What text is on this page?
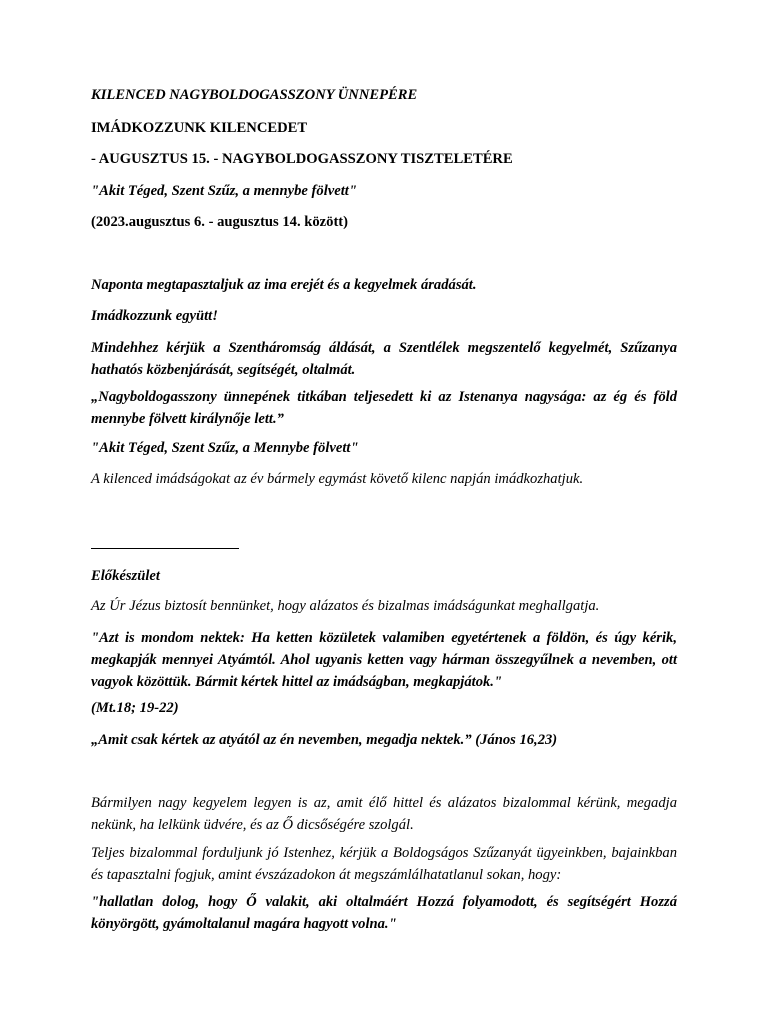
KILENCED NAGYBOLDOGASSZONY ÜNNEPÉRE

IMÁDKOZZUNK KILENCEDET

- AUGUSZTUS 15. - NAGYBOLDOGASSZONY TISZTELETÉRE

"Akit Téged, Szent Szűz, a mennybe fölvett"

(2023.augusztus 6. - augusztus 14. között)

Naponta megtapasztaljuk az ima erejét és a kegyelmek áradását.

Imádkozzunk együtt!

Mindehhez kérjük a Szentháromság áldását, a Szentlélek megszentelő kegyelmét, Szűzanya hathatós közbenjárását, segítségét, oltalmát.

„Nagyboldogasszony ünnepének titkában teljesedett ki az Istenanya nagysága: az ég és föld mennybe fölvett királynője lett.”

"Akit Téged, Szent Szűz, a Mennybe fölvett"

A kilenced imádságokat az év bármely egymást követő kilenc napján imádkozhatjuk.

Előkészület

Az Úr Jézus biztosít bennünket, hogy alázatos és bizalmas imádságunkat meghallgatja.

"Azt is mondom nektek: Ha ketten közületek valamiben egyetértenek a földön, és úgy kérik, megkapják mennyei Atyámtól. Ahol ugyanis ketten vagy hárman összegyűlnek a nevemben, ott vagyok közöttük. Bármit kértek hittel az imádságban, megkapjátok."

(Mt.18; 19-22)

„Amit csak kértek az atyától az én nevemben, megadja nektek.” (János 16,23)

Bármilyen nagy kegyelem legyen is az, amit élő hittel és alázatos bizalommal kérünk, megadja nekünk, ha lelkünk üdvére, és az Ő dicsőségére szolgál.

Teljes bizalommal forduljunk jó Istenhez, kérjük a Boldogságos Szűzanyát ügyeinkben, bajainkban és tapasztalni fogjuk, amint évszázadokon át megszámlálhatatlanul sokan, hogy:

"hallatlan dolog, hogy Ő valakit, aki oltalmáért Hozzá folyamodott, és segítségért Hozzá könyörgött, gyámoltalanul magára hagyott volna."
